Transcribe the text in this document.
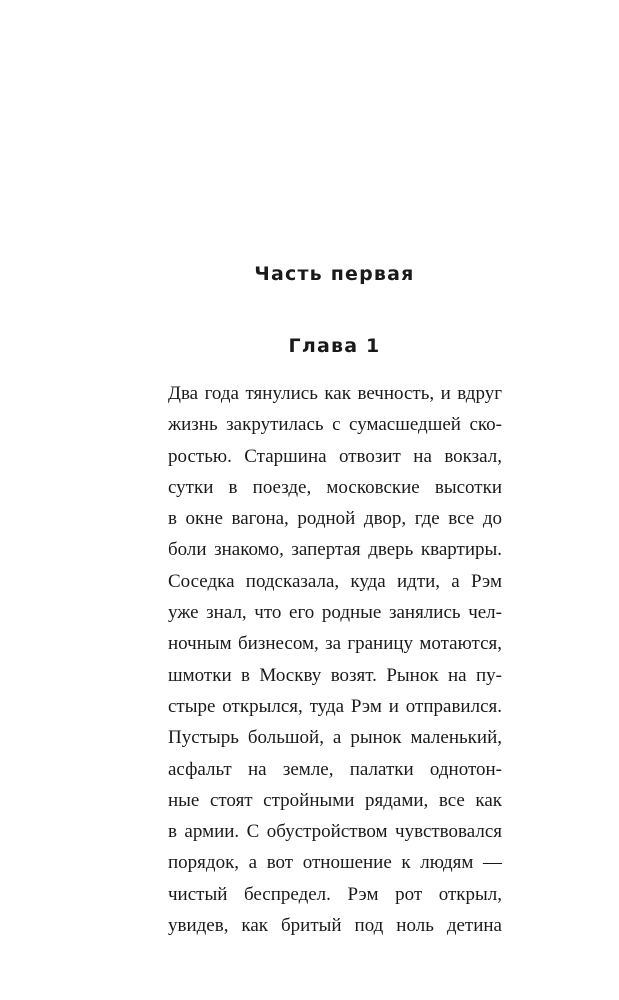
Часть первая
Глава 1
Два года тянулись как вечность, и вдруг
жизнь закрутилась с сумасшедшей ско-
ростью. Старшина отвозит на вокзал,
сутки в поезде, московские высотки
в окне вагона, родной двор, где все до
боли знакомо, запертая дверь квартиры.
Соседка подсказала, куда идти, а Рэм
уже знал, что его родные занялись чел-
ночным бизнесом, за границу мотаются,
шмотки в Москву возят. Рынок на пу-
стыре открылся, туда Рэм и отправился.
Пустырь большой, а рынок маленький,
асфальт на земле, палатки однотон-
ные стоят стройными рядами, все как
в армии. С обустройством чувствовался
порядок, а вот отношение к людям —
чистый беспредел. Рэм рот открыл,
увидев, как бритый под ноль детина
